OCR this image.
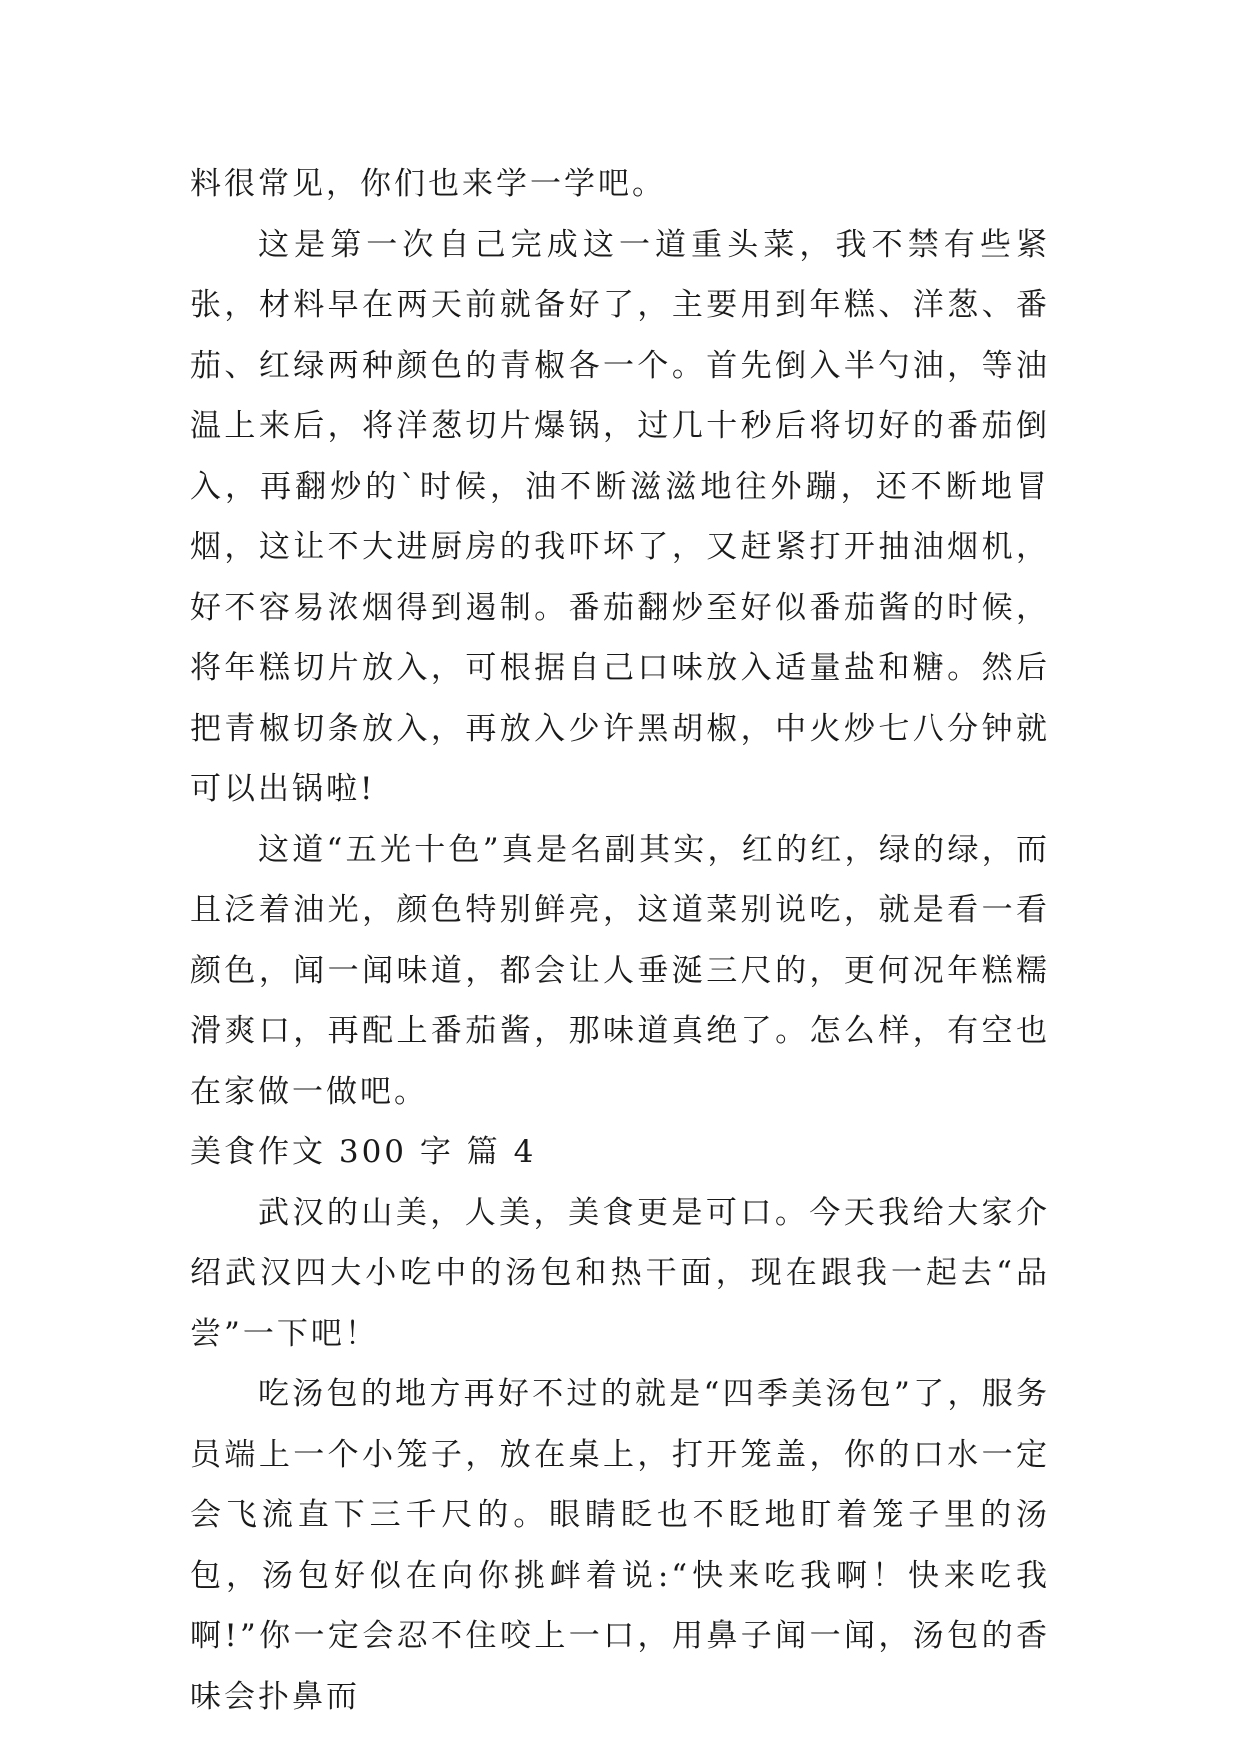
料很常见，你们也来学一学吧。

这是第一次自己完成这一道重头菜，我不禁有些紧张，材料早在两天前就备好了，主要用到年糕、洋葱、番茄、红绿两种颜色的青椒各一个。首先倒入半勺油，等油温上来后，将洋葱切片爆锅，过几十秒后将切好的番茄倒入，再翻炒的`时候，油不断滋滋地往外蹦，还不断地冒烟，这让不大进厨房的我吓坏了，又赶紧打开抽油烟机，好不容易浓烟得到遏制。番茄翻炒至好似番茄酱的时候，将年糕切片放入，可根据自己口味放入适量盐和糖。然后把青椒切条放入，再放入少许黑胡椒，中火炒七八分钟就可以出锅啦!

这道“五光十色”真是名副其实，红的红，绿的绿，而且泛着油光，颜色特别鲜亮，这道菜别说吃，就是看一看颜色，闻一闻味道，都会让人垂涎三尺的，更何况年糕糯滑爽口，再配上番茄酱，那味道真绝了。怎么样，有空也在家做一做吧。

美食作文 300 字 篇 4

武汉的山美，人美，美食更是可口。今天我给大家介绍武汉四大小吃中的汤包和热干面，现在跟我一起去“品尝”一下吧！

吃汤包的地方再好不过的就是“四季美汤包”了，服务员端上一个小笼子，放在桌上，打开笼盖，你的口水一定会飞流直下三千尺的。眼睛眨也不眨地盯着笼子里的汤包，汤包好似在向你挑衅着说:“快来吃我啊！快来吃我啊!”你一定会忍不住咬上一口，用鼻子闻一闻，汤包的香味会扑鼻而
